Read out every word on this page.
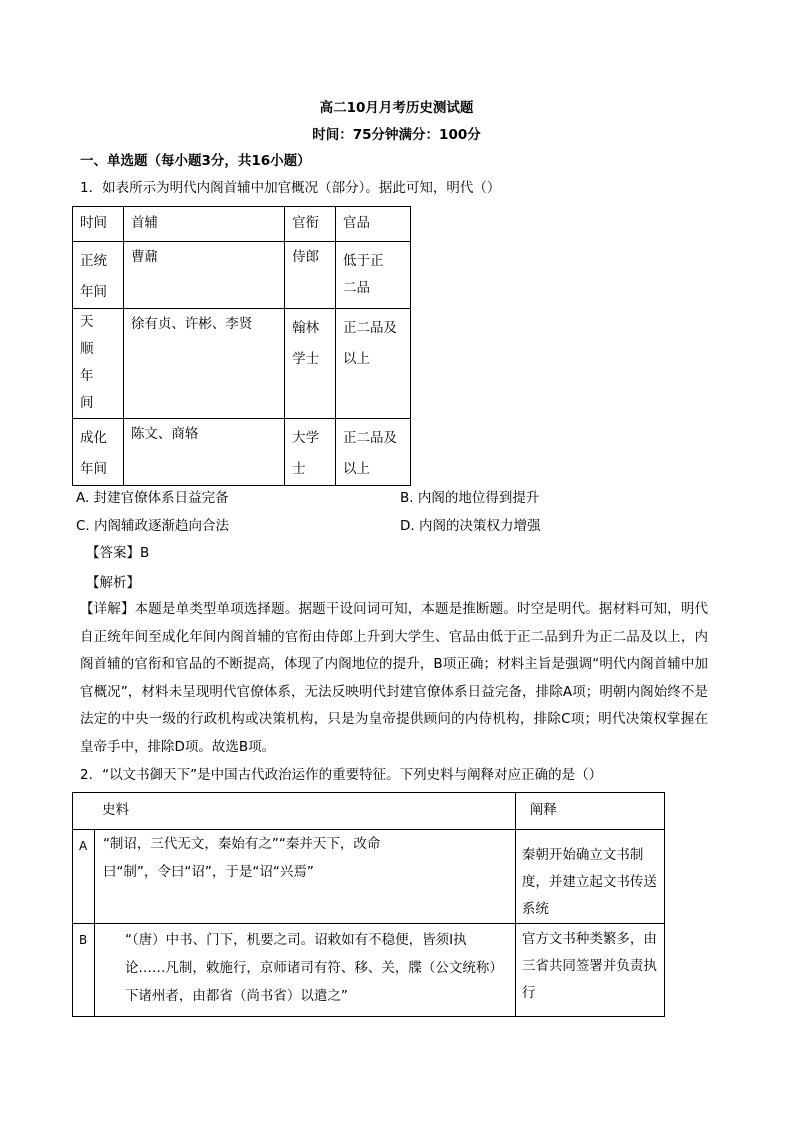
高二10月月考历史测试题
时间：75分钟满分：100分
一、单选题（每小题3分，共16小题）
1．如表所示为明代内阁首辅中加官概况（部分）。据此可知，明代（）
时间	首辅	官衔	官品

正统年间	曹鼐	侍郎	低于正二品

天顺年间	徐有贞、许彬、李贤	翰林学士	正二品及以上

成化年间	陈文、商辂	大学士	正二品及以上
A. 封建官僚体系日益完备	B. 内阁的地位得到提升
C. 内阁辅政逐渐趋向合法	D. 内阁的决策权力增强
【答案】B
【解析】
【详解】本题是单类型单项选择题。据题干设问词可知，本题是推断题。时空是明代。据材料可知，明代自正统年间至成化年间内阁首辅的官衔由侍郎上升到大学生、官品由低于正二品到升为正二品及以上，内阁首辅的官衔和官品的不断提高，体现了内阁地位的提升，B项正确；材料主旨是强调“明代内阁首辅中加官概况”，材料未呈现明代官僚体系，无法反映明代封建官僚体系日益完备，排除A项；明朝内阁始终不是法定的中央一级的行政机构或决策机构，只是为皇帝提供顾问的内侍机构，排除C项；明代决策权掌握在皇帝手中，排除D项。故选B项。
2．“以文书御天下”是中国古代政治运作的重要特征。下列史料与阐释对应正确的是（）
史料		阐释

A	“制诏，三代无文，秦始有之”“秦并天下，改命曰“制”，令曰“诏”，于是“诏“兴焉”	秦朝开始确立文书制度，并建立起文书传送系统

B	“（唐）中书、门下，机要之司。诏敕如有不稳便，皆须Ⅰ执论……凡制，敕施行，京师诸司有符、移、关，牒（公文统称）下诸州者，由都省（尚书省）以遣之”	官方文书种类繁多，由三省共同签署并负责执行
